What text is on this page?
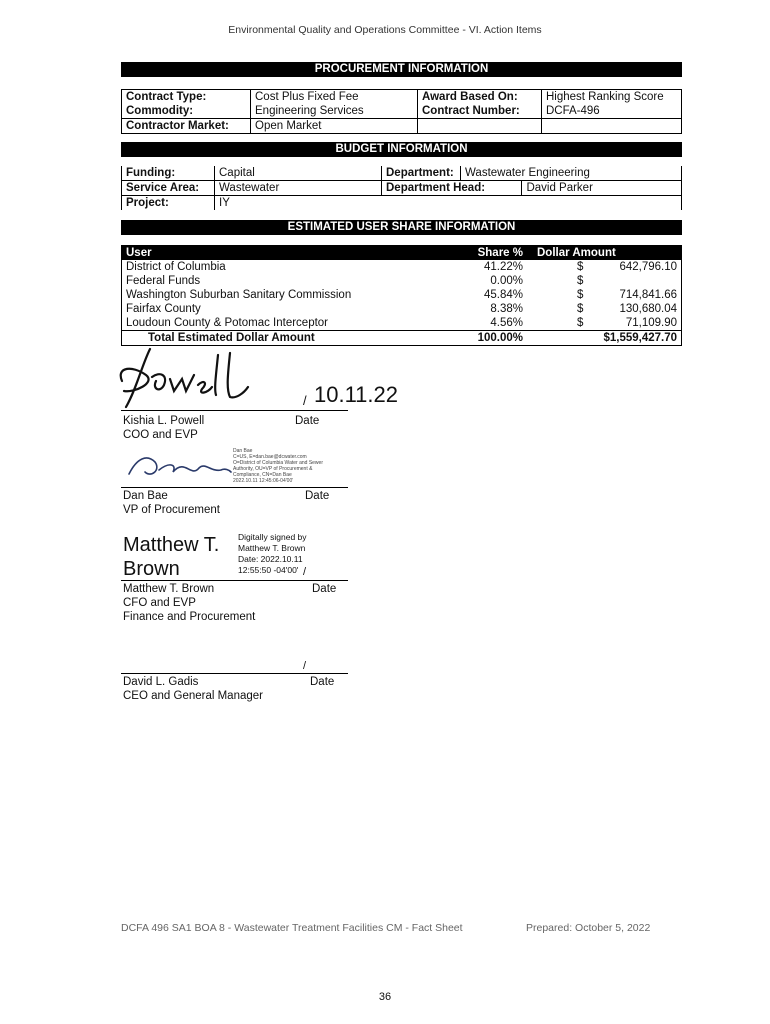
Environmental Quality and Operations Committee - VI. Action Items
PROCUREMENT INFORMATION
Contract Type:	Cost Plus Fixed Fee	Award Based On:	Highest Ranking Score
Commodity:	Engineering Services	Contract Number:	DCFA-496
Contractor Market:	Open Market		
BUDGET INFORMATION
Funding:	Capital	Department:	Wastewater Engineering	
Service Area:	Wastewater	Department Head:		David Parker
Project:	IY			
ESTIMATED USER SHARE INFORMATION
User	Share %	Dollar Amount
District of Columbia	41.22%	$ 642,796.10
Federal Funds	0.00%	$
Washington Suburban Sanitary Commission	45.84%	$ 714,841.66
Fairfax County	8.38%	$ 130,680.04
Loudoun County & Potomac Interceptor	4.56%	$ 71,109.90
Total Estimated Dollar Amount	100.00%	$1,559,427.70
10.11.22
/
Kishia L. Powell	Date
COO and EVP
Dan Bae
C=US, E=dan.bae@dcwater.com
O=District of Columbia Water and Sewer
Authority, OU=VP of Procurement &
Compliance, CN=Dan Bae
2022.10.11 12:45:06-04'00'
Dan Bae	Date
VP of Procurement
Matthew T.
Brown
Digitally signed by
Matthew T. Brown
Date: 2022.10.11
12:55:50 -04'00' /
Matthew T. Brown	Date
CFO and EVP
Finance and Procurement
/
David L. Gadis	Date
CEO and General Manager
DCFA 496 SA1 BOA 8 - Wastewater Treatment Facilities CM - Fact Sheet	Prepared: October 5, 2022
36
